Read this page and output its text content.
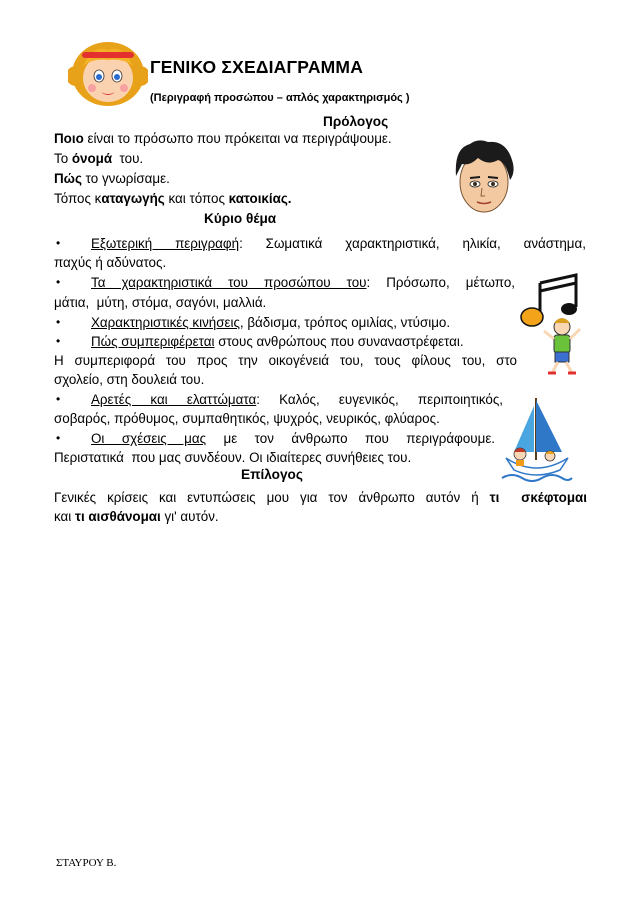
ΓΕΝΙΚΟ ΣΧΕΔΙΑΓΡΑΜΜΑ
(Περιγραφή προσώπου – απλός χαρακτηρισμός )
Πρόλογος
Ποιο είναι το πρόσωπο που πρόκειται να περιγράψουμε.
Το όνομά  του.
Πώς το γνωρίσαμε.
Τόπος καταγωγής και τόπος κατοικίας.
Κύριο θέμα
• Εξωτερική περιγραφή: Σωματικά χαρακτηριστικά, ηλικία, ανάστημα,
παχύς ή αδύνατος.
• Τα χαρακτηριστικά του προσώπου του: Πρόσωπο, μέτωπο,
μάτια,  μύτη, στόμα, σαγόνι, μαλλιά.
• Χαρακτηριστικές κινήσεις, βάδισμα, τρόπος ομιλίας, ντύσιμο.
• Πώς συμπεριφέρεται στους ανθρώπους που συναναστρέφεται.
Η συμπεριφορά του προς την οικογένειά του, τους φίλους του, στο
σχολείο, στη δουλειά του.
• Αρετές και ελαττώματα: Καλός, ευγενικός, περιποιητικός,
σοβαρός, πρόθυμος, συμπαθητικός, ψυχρός, νευρικός, φλύαρος.
• Οι σχέσεις μας με τον άνθρωπο που περιγράφουμε.
Περιστατικά  που μας συνδέουν. Οι ιδιαίτερες συνήθειες του.
Επίλογος
Γενικές κρίσεις και εντυπώσεις μου για τον άνθρωπο αυτόν ή τι  σκέφτομαι
και τι αισθάνομαι γι' αυτόν.
ΣΤΑΥΡΟΥ Β.
